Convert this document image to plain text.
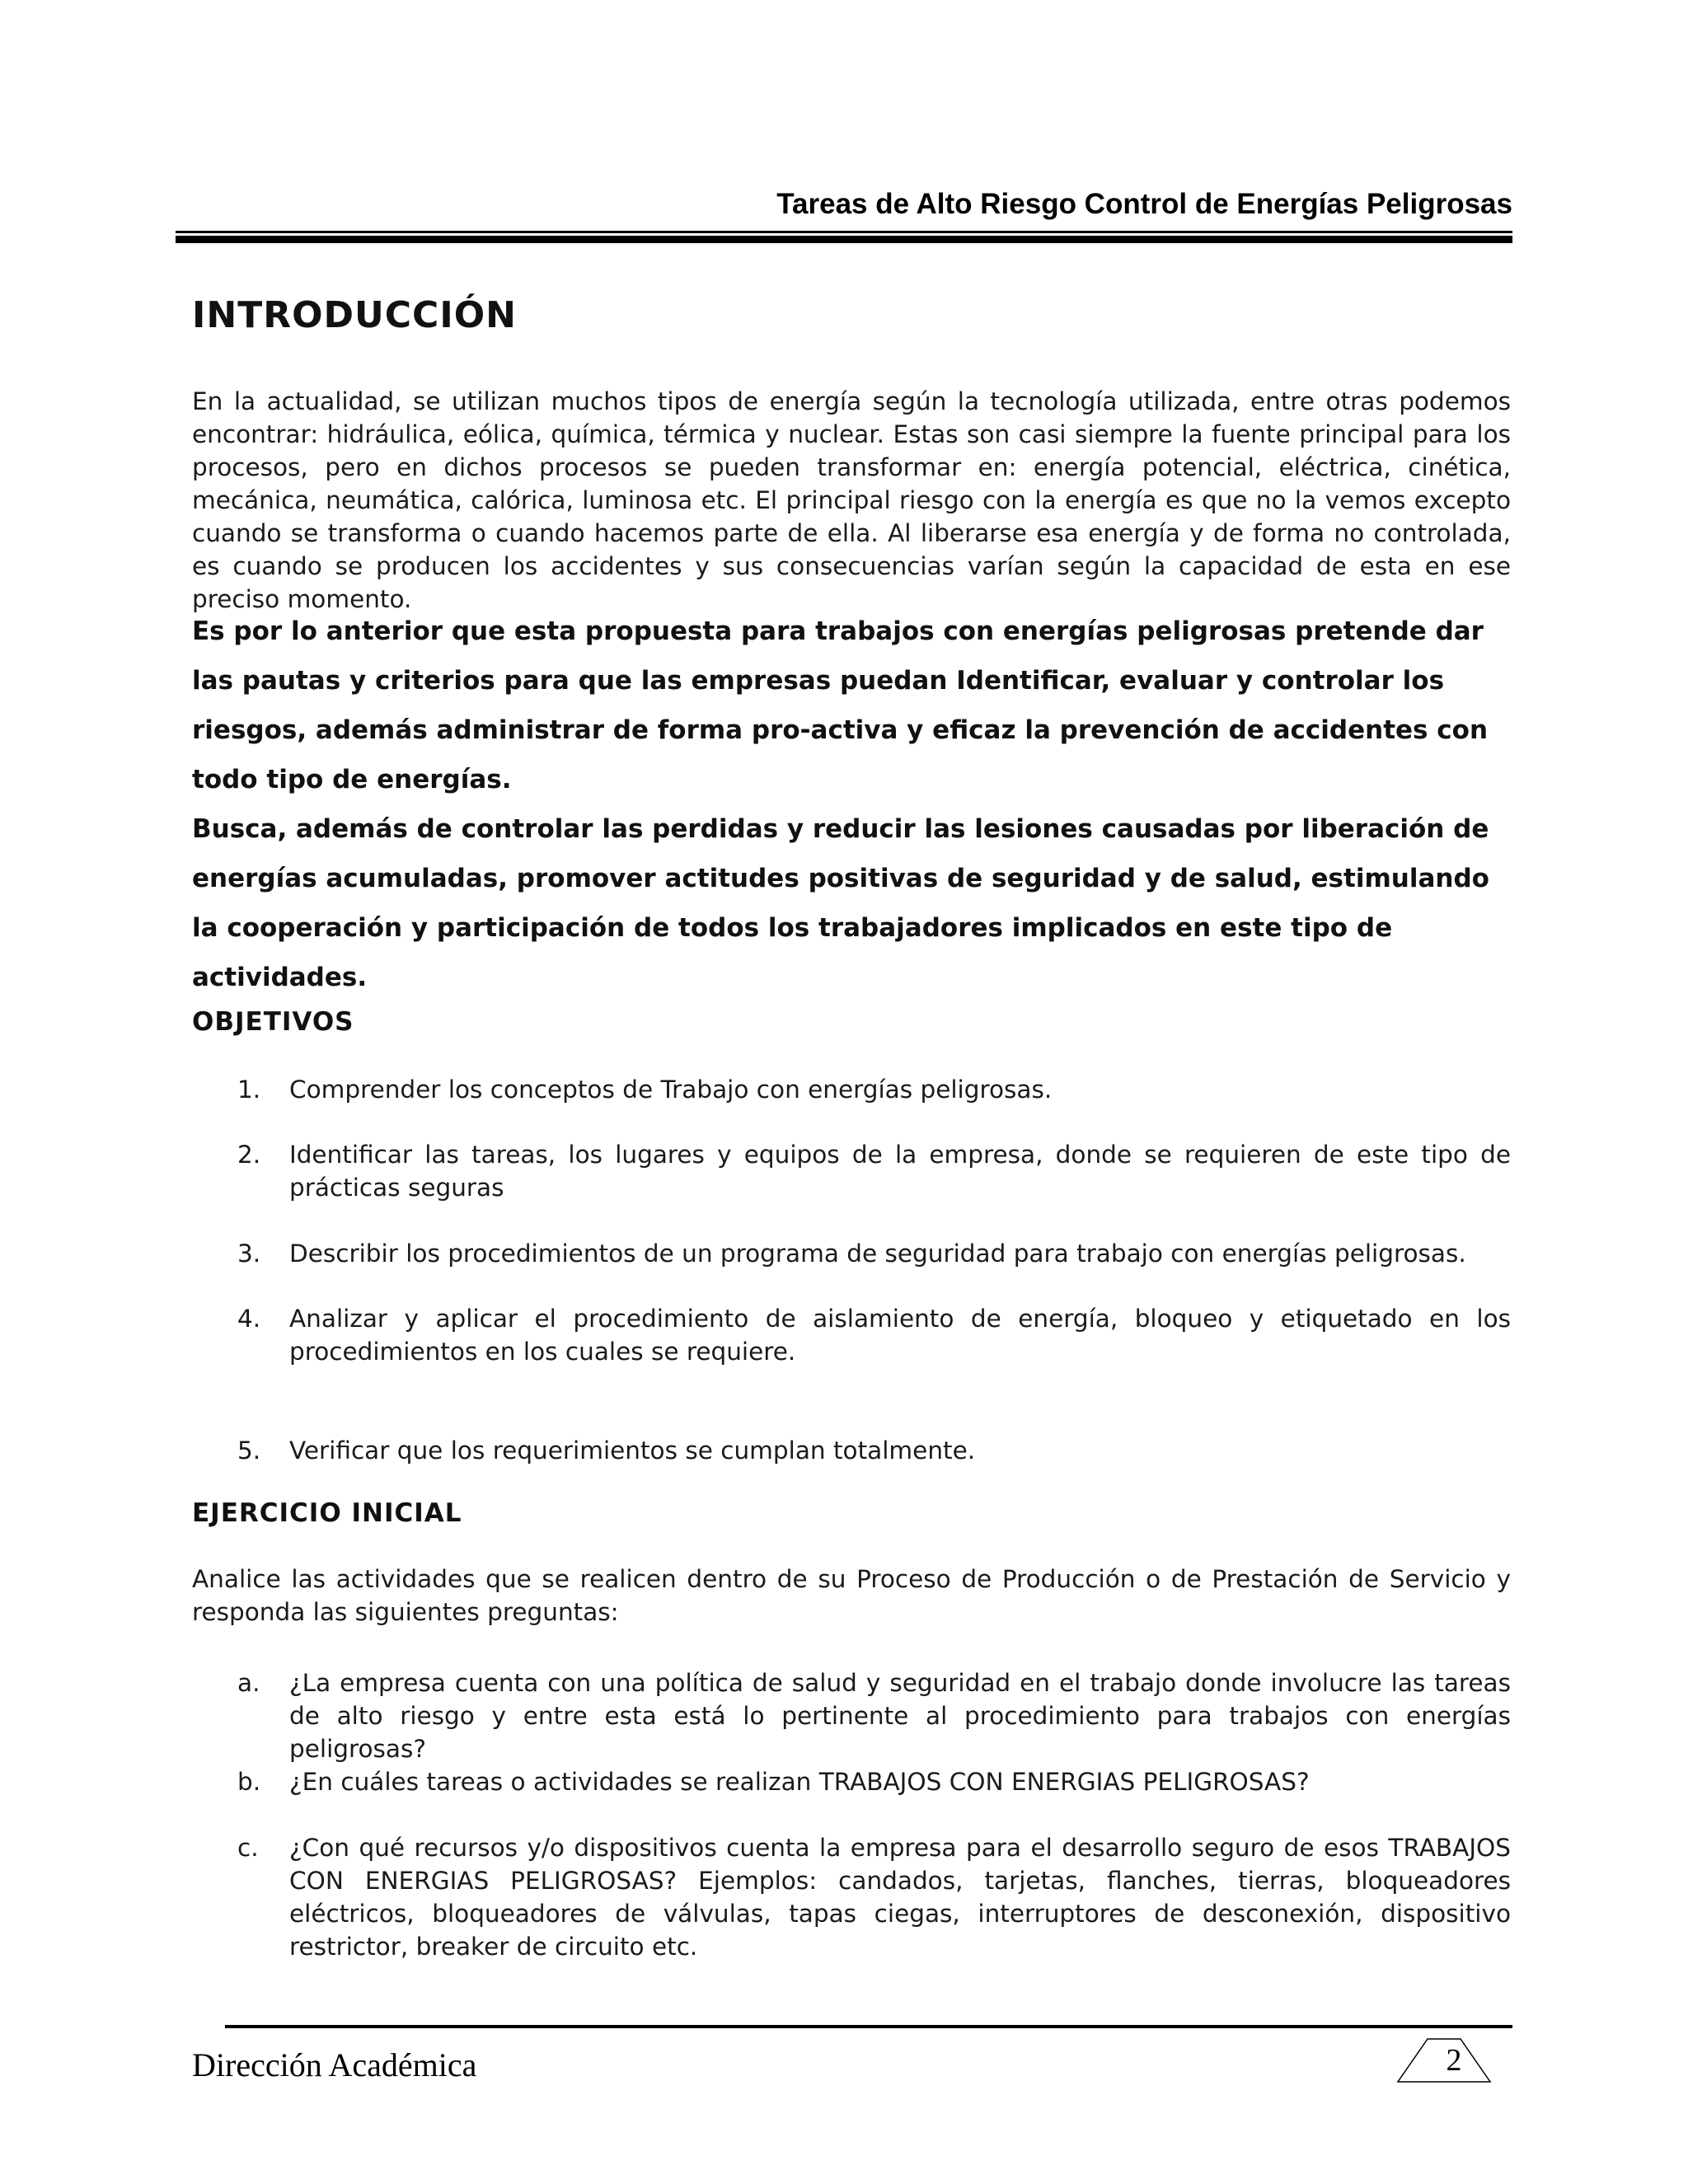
Tareas de Alto Riesgo Control de Energías Peligrosas
INTRODUCCIÓN

En la actualidad, se utilizan muchos tipos de energía según la tecnología utilizada, entre otras podemos encontrar: hidráulica, eólica, química, térmica y nuclear. Estas son casi siempre la fuente principal para los procesos, pero en dichos procesos se pueden transformar en: energía potencial, eléctrica, cinética, mecánica, neumática, calórica, luminosa etc. El principal riesgo con la energía es que no la vemos excepto cuando se transforma o cuando hacemos parte de ella. Al liberarse esa energía y de forma no controlada, es cuando se producen los accidentes y sus consecuencias varían según la capacidad de esta en ese preciso momento.

Es por lo anterior que esta propuesta para trabajos con energías peligrosas pretende dar las pautas y criterios para que las empresas puedan Identificar, evaluar y controlar los riesgos, además administrar de forma pro-activa y eficaz la prevención de accidentes con todo tipo de energías.

Busca, además de controlar las perdidas y reducir las lesiones causadas por liberación de energías acumuladas, promover actitudes positivas de seguridad y de salud, estimulando la cooperación y participación de todos los trabajadores implicados en este tipo de actividades.

OBJETIVOS
1. Comprender los conceptos de Trabajo con energías peligrosas.
2. Identificar las tareas, los lugares y equipos de la empresa, donde se requieren de este tipo de prácticas seguras
3. Describir los procedimientos de un programa de seguridad para trabajo con energías peligrosas.
4. Analizar y aplicar el procedimiento de aislamiento de energía, bloqueo y etiquetado en los procedimientos en los cuales se requiere.
5. Verificar que los requerimientos se cumplan totalmente.
EJERCICIO INICIAL

Analice las actividades que se realicen dentro de su Proceso de Producción o de Prestación de Servicio y responda las siguientes preguntas:

a. ¿La empresa cuenta con una política de salud y seguridad en el trabajo donde involucre las tareas de alto riesgo y entre esta está lo pertinente al procedimiento para trabajos con energías peligrosas?
b. ¿En cuáles tareas o actividades se realizan TRABAJOS CON ENERGIAS PELIGROSAS?
c. ¿Con qué recursos y/o dispositivos cuenta la empresa para el desarrollo seguro de esos TRABAJOS CON ENERGIAS PELIGROSAS? Ejemplos: candados, tarjetas, flanches, tierras, bloqueadores eléctricos, bloqueadores de válvulas, tapas ciegas, interruptores de desconexión, dispositivo restrictor, breaker de circuito etc.
Dirección Académica	2
